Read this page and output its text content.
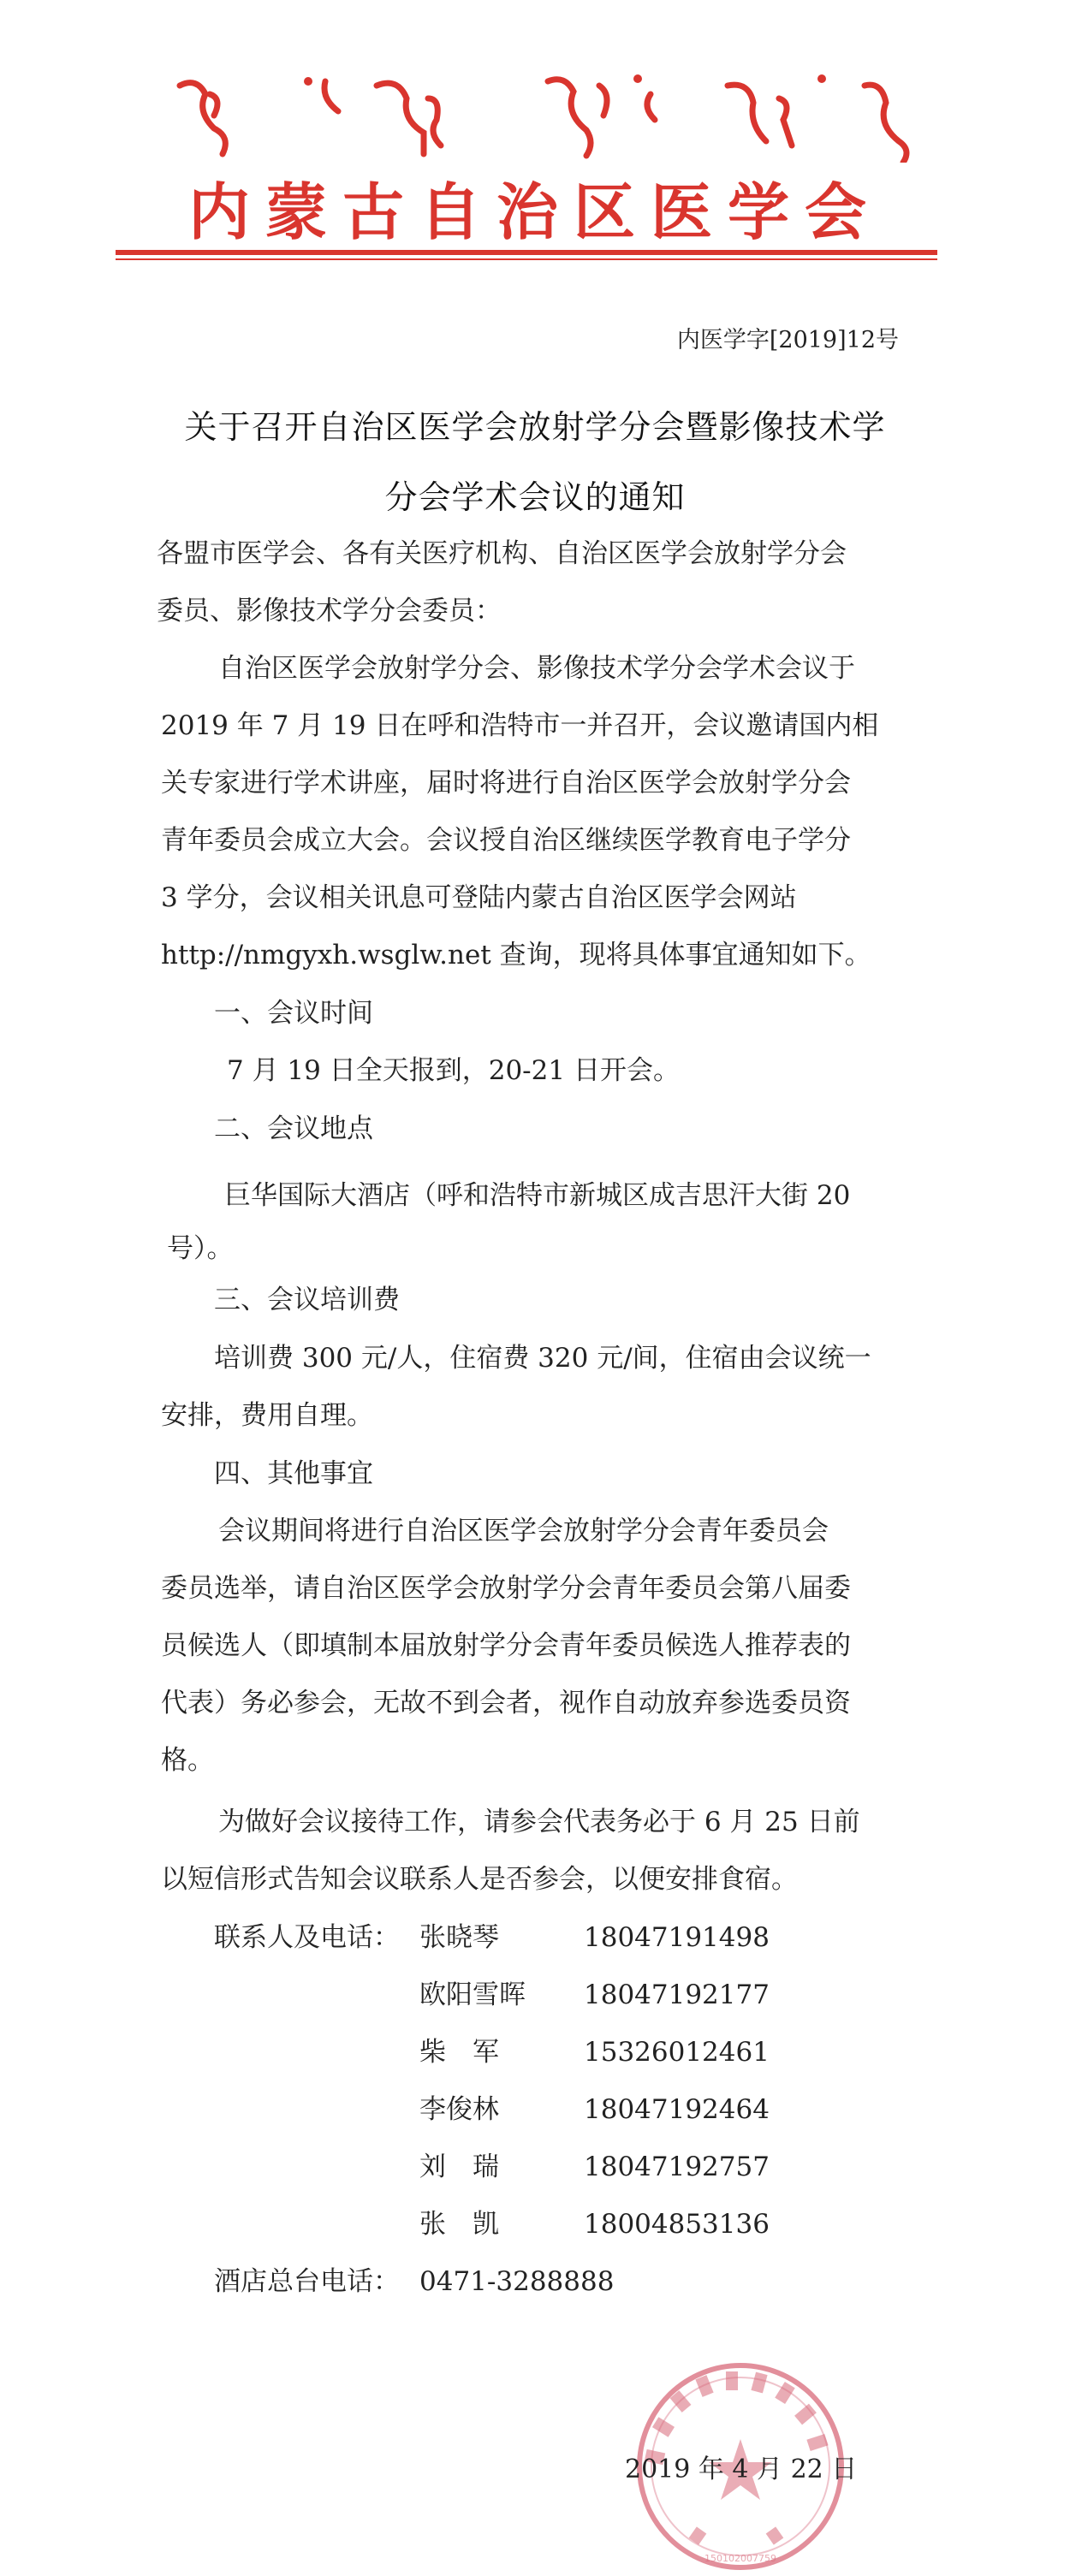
内蒙古自治区医学会
内医学字[2019]12号
关于召开自治区医学会放射学分会暨影像技术学
分会学术会议的通知
各盟市医学会、各有关医疗机构、自治区医学会放射学分会
委员、影像技术学分会委员：
自治区医学会放射学分会、影像技术学分会学术会议于
2019 年 7 月 19 日在呼和浩特市一并召开，会议邀请国内相
关专家进行学术讲座，届时将进行自治区医学会放射学分会
青年委员会成立大会。会议授自治区继续医学教育电子学分
3 学分，会议相关讯息可登陆内蒙古自治区医学会网站
http://nmgyxh.wsglw.net 查询，现将具体事宜通知如下。
一、会议时间
7 月 19 日全天报到，20-21 日开会。
二、会议地点
巨华国际大酒店（呼和浩特市新城区成吉思汗大街 20
号）。
三、会议培训费
培训费 300 元/人，住宿费 320 元/间，住宿由会议统一
安排，费用自理。
四、其他事宜
会议期间将进行自治区医学会放射学分会青年委员会
委员选举，请自治区医学会放射学分会青年委员会第八届委
员候选人（即填制本届放射学分会青年委员候选人推荐表的
代表）务必参会，无故不到会者，视作自动放弃参选委员资
格。
为做好会议接待工作，请参会代表务必于 6 月 25 日前
以短信形式告知会议联系人是否参会，以便安排食宿。
联系人及电话： 张晓琴	18047191498
欧阳雪晖 18047192177
柴　军	15326012461
李俊林	18047192464
刘　瑞	18047192757
张　凯	18004853136
酒店总台电话： 0471-3288888
150102007759
2019 年 4 月 22 日
